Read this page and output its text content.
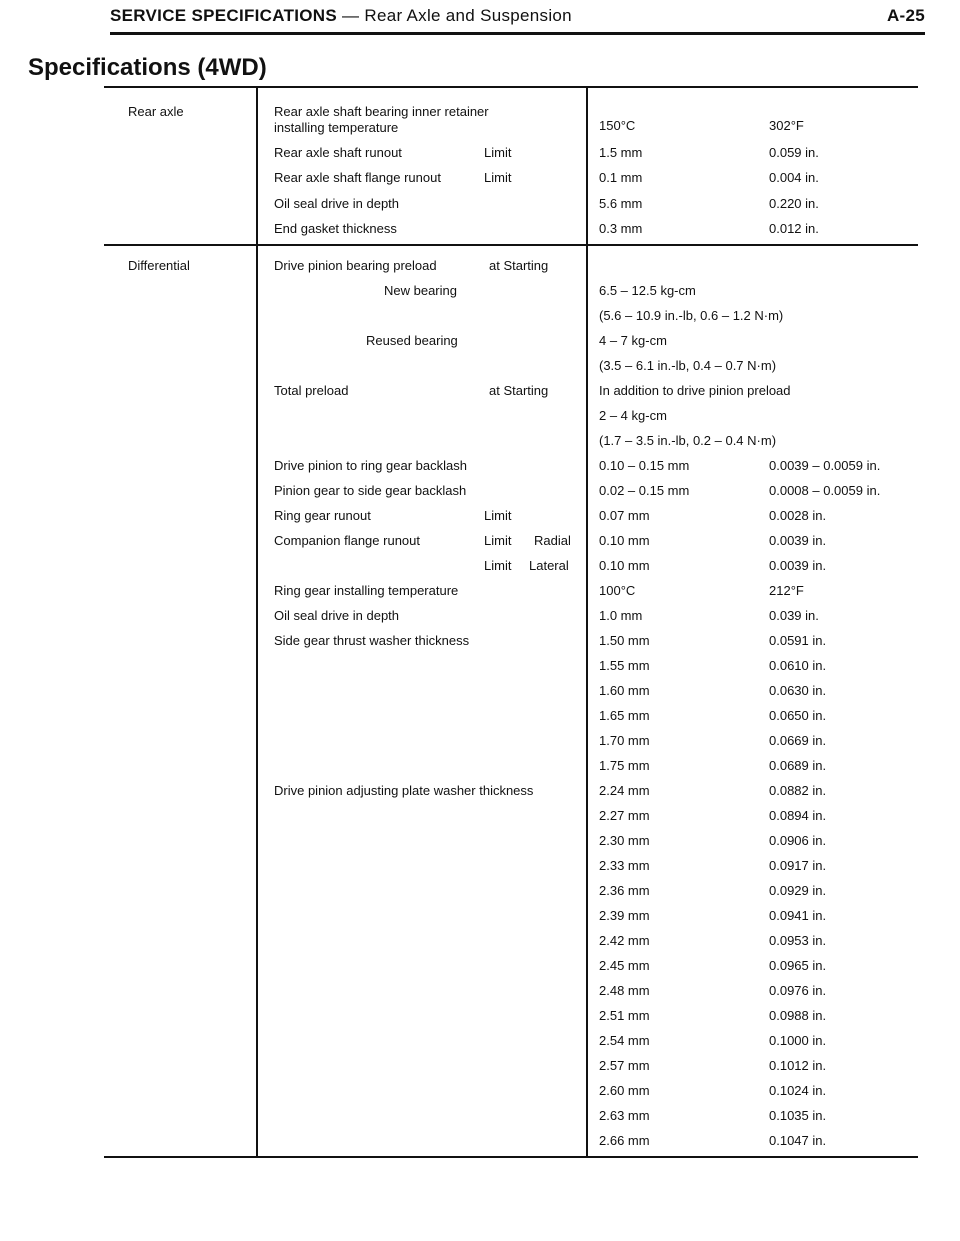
SERVICE SPECIFICATIONS — Rear Axle and Suspension	A-25
Specifications (4WD)
Rear axle	Rear axle shaft bearing inner retainer installing temperature	150°C	302°F
Rear axle shaft runout	Limit	1.5 mm	0.059 in.
Rear axle shaft flange runout	Limit	0.1 mm	0.004 in.
Oil seal drive in depth	5.6 mm	0.220 in.
End gasket thickness	0.3 mm	0.012 in.
Differential	Drive pinion bearing preload	at Starting
New bearing	6.5 – 12.5 kg-cm
(5.6 – 10.9 in.-lb, 0.6 – 1.2 N·m)
Reused bearing	4 – 7 kg-cm
(3.5 – 6.1 in.-lb, 0.4 – 0.7 N·m)
Total preload	at Starting	In addition to drive pinion preload
2 – 4 kg-cm
(1.7 – 3.5 in.-lb, 0.2 – 0.4 N·m)
Drive pinion to ring gear backlash	0.10 – 0.15 mm	0.0039 – 0.0059 in.
Pinion gear to side gear backlash	0.02 – 0.15 mm	0.0008 – 0.0059 in.
Ring gear runout	Limit	0.07 mm	0.0028 in.
Companion flange runout	Limit Radial 0.10 mm	0.0039 in.
Limit Lateral 0.10 mm	0.0039 in.
Ring gear installing temperature	100°C	212°F
Oil seal drive in depth	1.0 mm	0.039 in.
Side gear thrust washer thickness	1.50 mm	0.0591 in.
1.55 mm	0.0610 in.
1.60 mm	0.0630 in.
1.65 mm	0.0650 in.
1.70 mm	0.0669 in.
1.75 mm	0.0689 in.
Drive pinion adjusting plate washer thickness	2.24 mm	0.0882 in.
2.27 mm	0.0894 in.
2.30 mm	0.0906 in.
2.33 mm	0.0917 in.
2.36 mm	0.0929 in.
2.39 mm	0.0941 in.
2.42 mm	0.0953 in.
2.45 mm	0.0965 in.
2.48 mm	0.0976 in.
2.51 mm	0.0988 in.
2.54 mm	0.1000 in.
2.57 mm	0.1012 in.
2.60 mm	0.1024 in.
2.63 mm	0.1035 in.
2.66 mm	0.1047 in.
